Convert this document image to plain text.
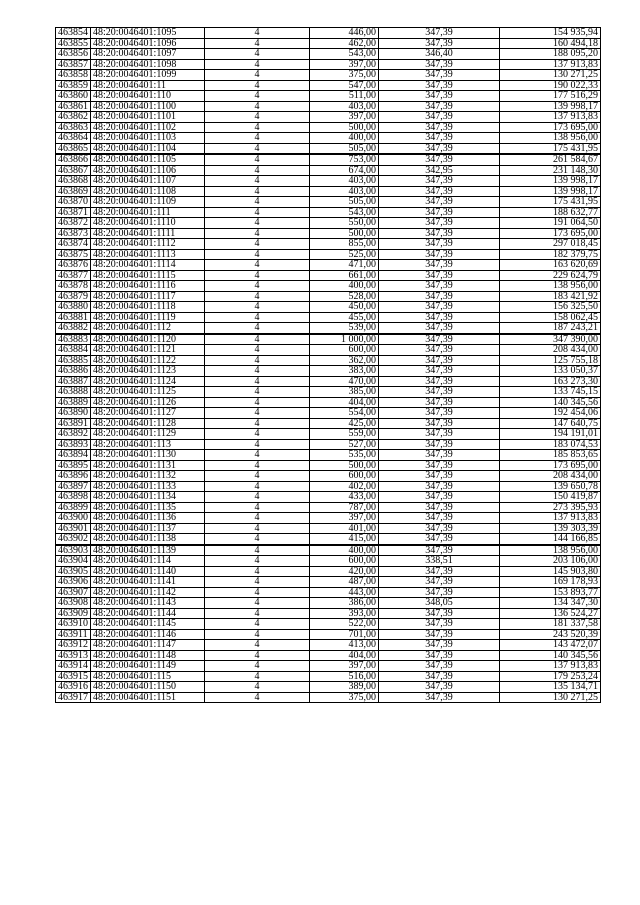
463854	48:20:0046401:1095	4	446,00	347,39	154 935,94
463855	48:20:0046401:1096	4	462,00	347,39	160 494,18
463856	48:20:0046401:1097	4	543,00	346,40	188 095,20
463857	48:20:0046401:1098	4	397,00	347,39	137 913,83
463858	48:20:0046401:1099	4	375,00	347,39	130 271,25
463859	48:20:0046401:11	4	547,00	347,39	190 022,33
463860	48:20:0046401:110	4	511,00	347,39	177 516,29
463861	48:20:0046401:1100	4	403,00	347,39	139 998,17
463862	48:20:0046401:1101	4	397,00	347,39	137 913,83
463863	48:20:0046401:1102	4	500,00	347,39	173 695,00
463864	48:20:0046401:1103	4	400,00	347,39	138 956,00
463865	48:20:0046401:1104	4	505,00	347,39	175 431,95
463866	48:20:0046401:1105	4	753,00	347,39	261 584,67
463867	48:20:0046401:1106	4	674,00	342,95	231 148,30
463868	48:20:0046401:1107	4	403,00	347,39	139 998,17
463869	48:20:0046401:1108	4	403,00	347,39	139 998,17
463870	48:20:0046401:1109	4	505,00	347,39	175 431,95
463871	48:20:0046401:111	4	543,00	347,39	188 632,77
463872	48:20:0046401:1110	4	550,00	347,39	191 064,50
463873	48:20:0046401:1111	4	500,00	347,39	173 695,00
463874	48:20:0046401:1112	4	855,00	347,39	297 018,45
463875	48:20:0046401:1113	4	525,00	347,39	182 379,75
463876	48:20:0046401:1114	4	471,00	347,39	163 620,69
463877	48:20:0046401:1115	4	661,00	347,39	229 624,79
463878	48:20:0046401:1116	4	400,00	347,39	138 956,00
463879	48:20:0046401:1117	4	528,00	347,39	183 421,92
463880	48:20:0046401:1118	4	450,00	347,39	156 325,50
463881	48:20:0046401:1119	4	455,00	347,39	158 062,45
463882	48:20:0046401:112	4	539,00	347,39	187 243,21
463883	48:20:0046401:1120	4	1 000,00	347,39	347 390,00
463884	48:20:0046401:1121	4	600,00	347,39	208 434,00
463885	48:20:0046401:1122	4	362,00	347,39	125 755,18
463886	48:20:0046401:1123	4	383,00	347,39	133 050,37
463887	48:20:0046401:1124	4	470,00	347,39	163 273,30
463888	48:20:0046401:1125	4	385,00	347,39	133 745,15
463889	48:20:0046401:1126	4	404,00	347,39	140 345,56
463890	48:20:0046401:1127	4	554,00	347,39	192 454,06
463891	48:20:0046401:1128	4	425,00	347,39	147 640,75
463892	48:20:0046401:1129	4	559,00	347,39	194 191,01
463893	48:20:0046401:113	4	527,00	347,39	183 074,53
463894	48:20:0046401:1130	4	535,00	347,39	185 853,65
463895	48:20:0046401:1131	4	500,00	347,39	173 695,00
463896	48:20:0046401:1132	4	600,00	347,39	208 434,00
463897	48:20:0046401:1133	4	402,00	347,39	139 650,78
463898	48:20:0046401:1134	4	433,00	347,39	150 419,87
463899	48:20:0046401:1135	4	787,00	347,39	273 395,93
463900	48:20:0046401:1136	4	397,00	347,39	137 913,83
463901	48:20:0046401:1137	4	401,00	347,39	139 303,39
463902	48:20:0046401:1138	4	415,00	347,39	144 166,85
463903	48:20:0046401:1139	4	400,00	347,39	138 956,00
463904	48:20:0046401:114	4	600,00	338,51	203 106,00
463905	48:20:0046401:1140	4	420,00	347,39	145 903,80
463906	48:20:0046401:1141	4	487,00	347,39	169 178,93
463907	48:20:0046401:1142	4	443,00	347,39	153 893,77
463908	48:20:0046401:1143	4	386,00	348,05	134 347,30
463909	48:20:0046401:1144	4	393,00	347,39	136 524,27
463910	48:20:0046401:1145	4	522,00	347,39	181 337,58
463911	48:20:0046401:1146	4	701,00	347,39	243 520,39
463912	48:20:0046401:1147	4	413,00	347,39	143 472,07
463913	48:20:0046401:1148	4	404,00	347,39	140 345,56
463914	48:20:0046401:1149	4	397,00	347,39	137 913,83
463915	48:20:0046401:115	4	516,00	347,39	179 253,24
463916	48:20:0046401:1150	4	389,00	347,39	135 134,71
463917	48:20:0046401:1151	4	375,00	347,39	130 271,25
